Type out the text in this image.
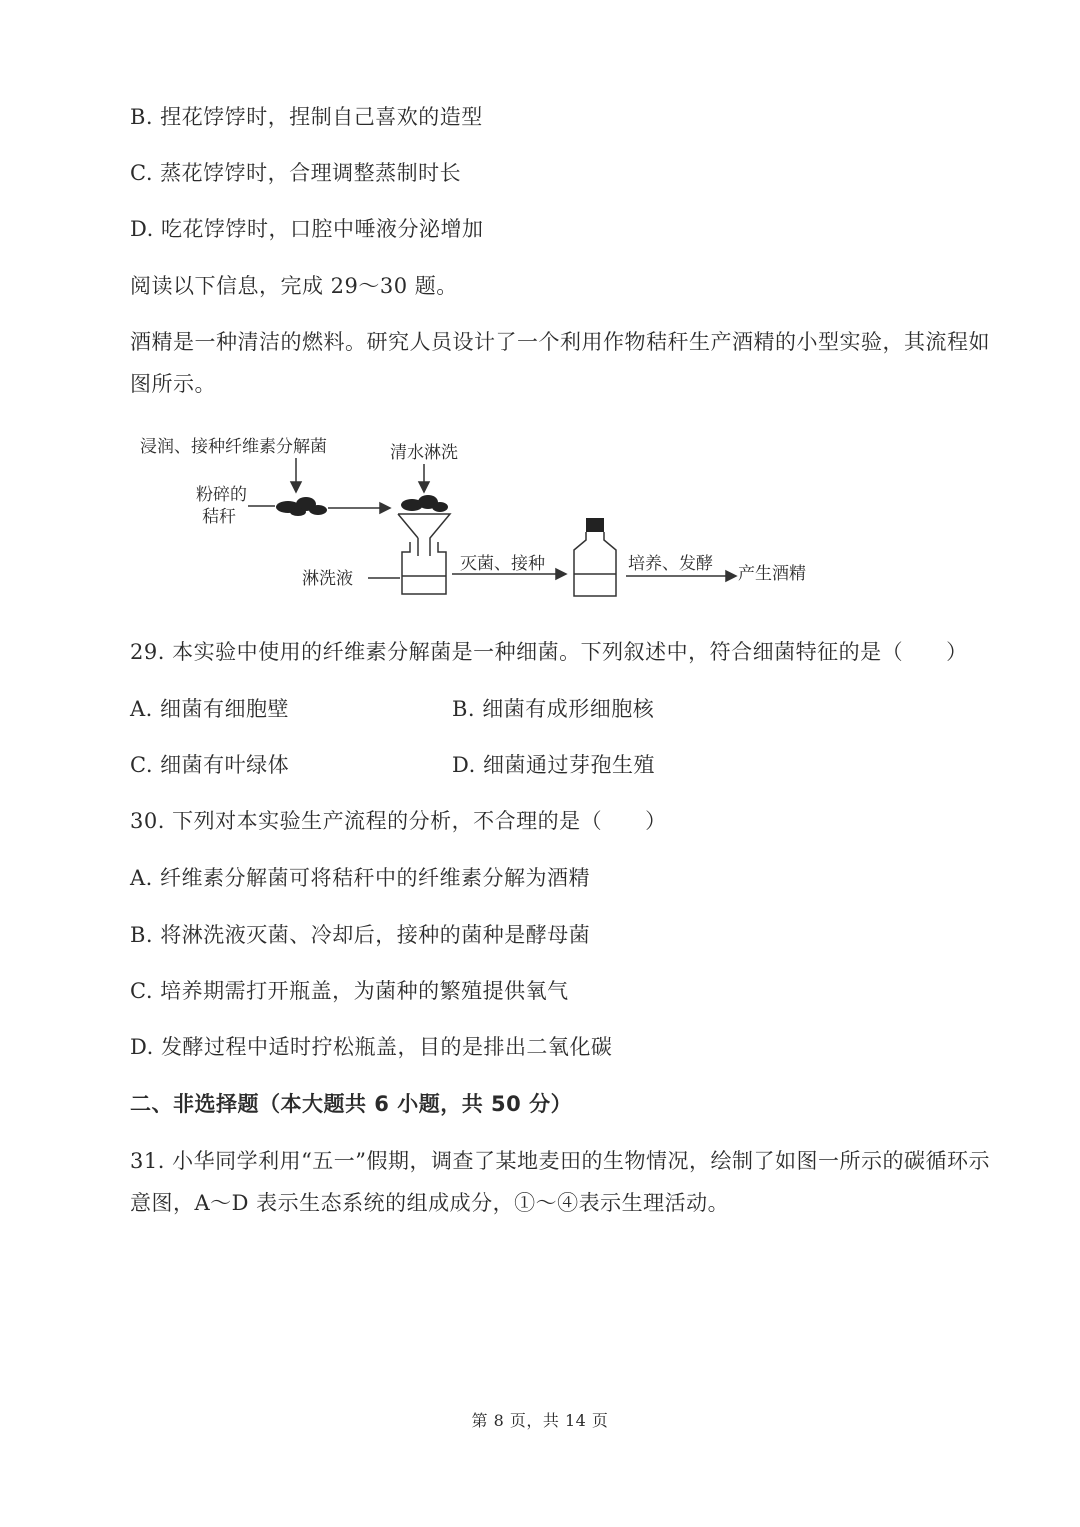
B. 捏花饽饽时，捏制自己喜欢的造型
C. 蒸花饽饽时，合理调整蒸制时长
D. 吃花饽饽时，口腔中唾液分泌增加
阅读以下信息，完成 29～30 题。
酒精是一种清洁的燃料。研究人员设计了一个利用作物秸秆生产酒精的小型实验，其流程如图所示。
浸润、接种纤维素分解菌	清水淋洗
粉碎的
秸秆
淋洗液
灭菌、接种	培养、发酵 产生酒精
29. 本实验中使用的纤维素分解菌是一种细菌。下列叙述中，符合细菌特征的是（　　）
A. 细菌有细胞壁	B. 细菌有成形细胞核
C. 细菌有叶绿体	D. 细菌通过芽孢生殖
30. 下列对本实验生产流程的分析，不合理的是（　　）
A. 纤维素分解菌可将秸秆中的纤维素分解为酒精
B. 将淋洗液灭菌、冷却后，接种的菌种是酵母菌
C. 培养期需打开瓶盖，为菌种的繁殖提供氧气
D. 发酵过程中适时拧松瓶盖，目的是排出二氧化碳
二、非选择题（本大题共 6 小题，共 50 分）
31. 小华同学利用“五一”假期，调查了某地麦田的生物情况，绘制了如图一所示的碳循环示意图，A～D 表示生态系统的组成成分，①～④表示生理活动。
第 8 页，共 14 页
